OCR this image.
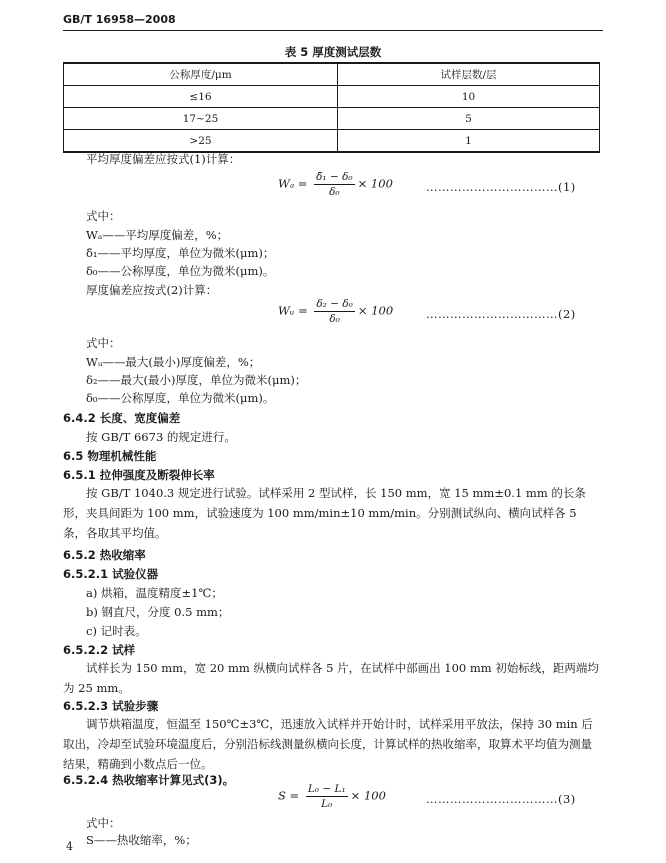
GB/T 16958—2008
表 5 厚度测试层数
公称厚度/μm	试样层数/层
≤16	10
17~25	5
>25	1
平均厚度偏差应按式(1)计算：
$W_a = \frac{\text{δ̄₁ − δ₀}}{\text{δ₀}} \times 100$	……………………………(1)
式中：
Wₐ——平均厚度偏差，%；
δ̄₁——平均厚度，单位为微米(μm)；
δ₀——公称厚度，单位为微米(μm)。
厚度偏差应按式(2)计算：
Wᵤ = $\frac{\text{δ₂ − δ₀}}{\text{δ₀}} \times 100$	……………………………(2)
式中：
Wᵤ——最大(最小)厚度偏差，%；
δ₂——最大(最小)厚度，单位为微米(μm)；
δ₀——公称厚度，单位为微米(μm)。
6.4.2 长度、宽度偏差
按 GB/T 6673 的规定进行。
6.5 物理机械性能
6.5.1 拉伸强度及断裂伸长率
按 GB/T 1040.3 规定进行试验。试样采用 2 型试样，长 150 mm，宽 15 mm±0.1 mm 的长条形，夹具间距为 100 mm，试验速度为 100 mm/min±10 mm/min。分别测试纵向、横向试样各 5 条，各取其平均值。
6.5.2 热收缩率
6.5.2.1 试验仪器
a) 烘箱，温度精度±1℃；
b) 钢直尺，分度 0.5 mm；
c) 记时表。
6.5.2.2 试样
试样长为 150 mm，宽 20 mm 纵横向试样各 5 片，在试样中部画出 100 mm 初始标线，距两端均为 25 mm。
6.5.2.3 试验步骤
调节烘箱温度，恒温至 150℃±3℃，迅速放入试样并开始计时，试样采用平放法，保持 30 min 后取出，冷却至试验环境温度后，分别沿标线测量纵横向长度，计算试样的热收缩率，取算术平均值为测量结果，精确到小数点后一位。
6.5.2.4 热收缩率计算见式(3)。
$S = \frac{\text{L₀ − L₁}}{\text{L₀}} \times 100$	……………………………(3)
式中：
S——热收缩率，%；
4
